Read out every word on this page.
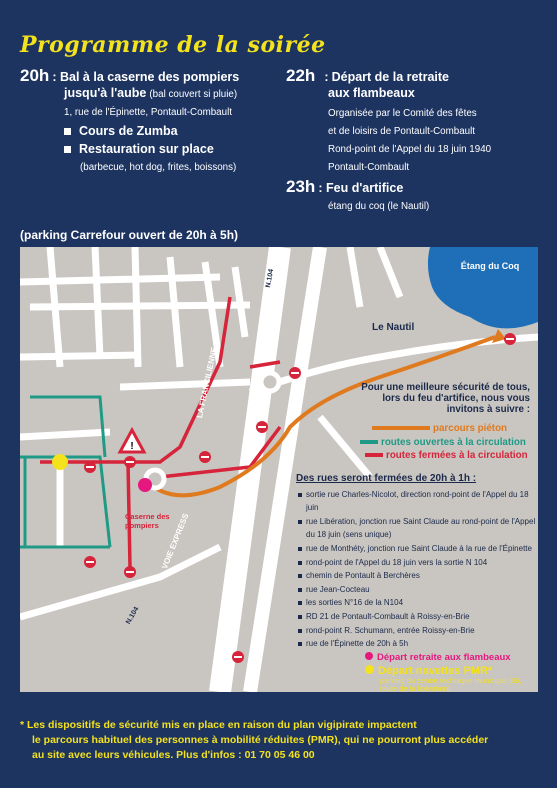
Programme de la soirée
20h : Bal à la caserne des pompiers
jusqu'à l'aube (bal couvert si pluie)
1, rue de l'Épinette, Pontault-Combault
Cours de Zumba
Restauration sur place
(barbecue, hot dog, frites, boissons)
22h : Départ de la retraite
aux flambeaux
Organisée par le Comité des fêtes
et de loisirs de Pontault-Combault
Rond-point de l'Appel du 18 juin 1940
Pontault-Combault
23h : Feu d'artifice
étang du coq (le Nautil)
(parking Carrefour ouvert de 20h à 5h)
!
Étang du Coq
Le Nautil
Caserne des pompiers
LA FRANCILIENNE
VOIE EXPRESS
N.104
N.104
N.104
Pour une meilleure sécurité de tous, lors du feu d'artifice, nous vous invitons à suivre :
parcours piéton
routes ouvertes à la circulation
routes fermées à la circulation
Des rues seront fermées de 20h à 1h :
sortie rue Charles-Nicolot, direction rond-point de l'Appel du 18 juin
rue Libération, jonction rue Saint Claude au rond-point de l'Appel du 18 juin (sens unique)
rue de Monthéty, jonction rue Saint Claude à la rue de l'Épinette
rond-point de l'Appel du 18 juin vers la sortie N 104
chemin de Pontault à Berchères
rue Jean-Cocteau
les sorties N°16 de la N104
RD 21 de Pontault-Combault à Roissy-en-Brie
rond-point R. Schumann, entrée Roissy-en-Brie
rue de l'Épinette de 20h à 5h
Départ retraite aux flambeaux
Départ navettes PMR*
parking du centre technique municipal (86, route de la libération)
* Les dispositifs de sécurité mis en place en raison du plan vigipirate impactent
le parcours habituel des personnes à mobilité réduites (PMR), qui ne pourront plus accéder
au site avec leurs véhicules. Plus d'infos : 01 70 05 46 00
